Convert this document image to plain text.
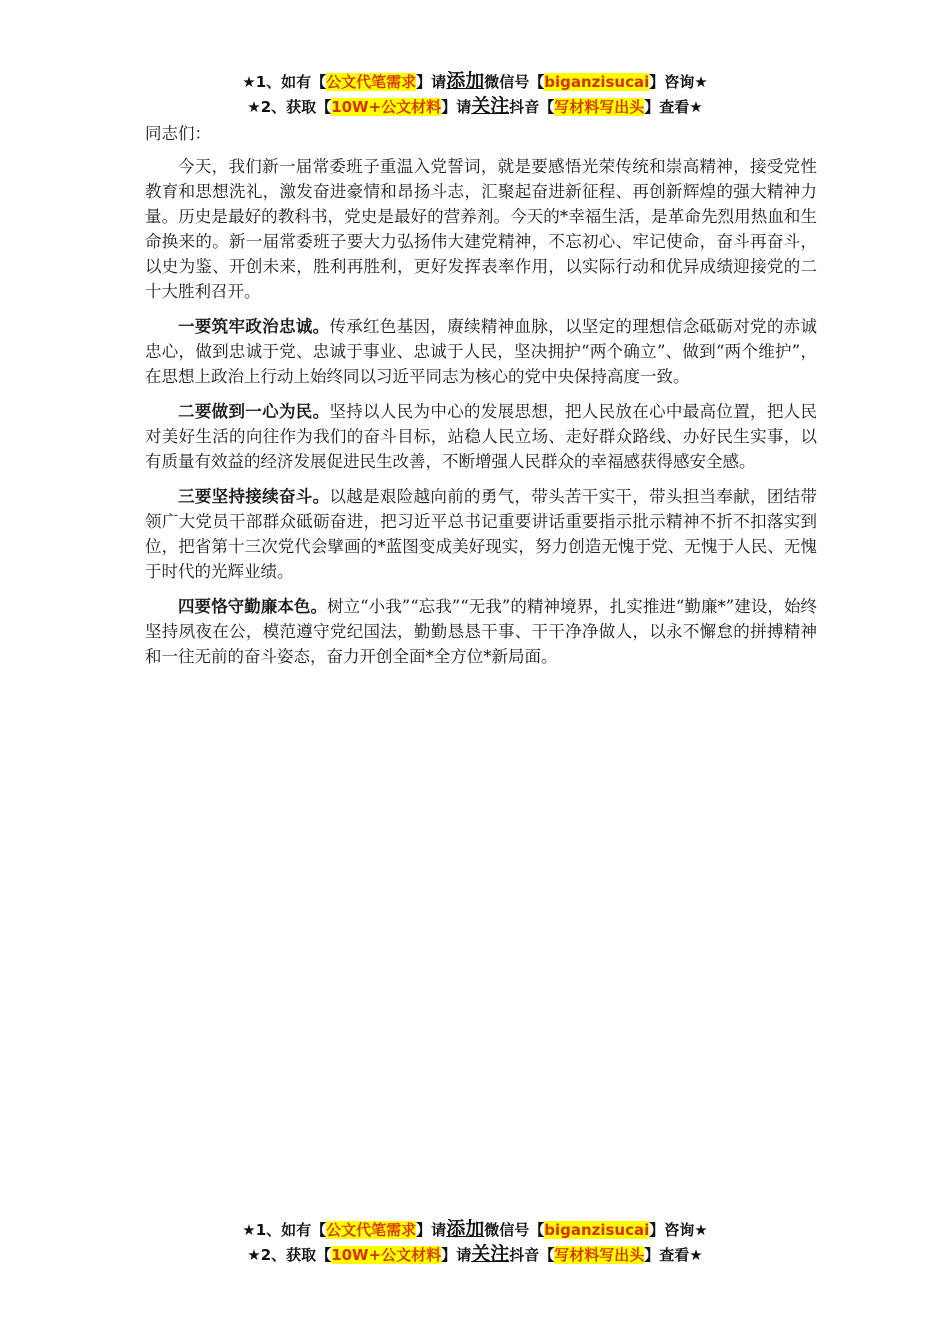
★1、如有【公文代笔需求】请添加微信号【biganzisucai】咨询★
★2、获取【10W+公文材料】请关注抖音【写材料写出头】查看★

同志们：

今天，我们新一届常委班子重温入党誓词，就是要感悟光荣传统和崇高精神，接受党性教育和思想洗礼，激发奋进豪情和昂扬斗志，汇聚起奋进新征程、再创新辉煌的强大精神力量。历史是最好的教科书，党史是最好的营养剂。今天的*幸福生活，是革命先烈用热血和生命换来的。新一届常委班子要大力弘扬伟大建党精神，不忘初心、牢记使命，奋斗再奋斗，以史为鉴、开创未来，胜利再胜利，更好发挥表率作用，以实际行动和优异成绩迎接党的二十大胜利召开。

一要筑牢政治忠诚。传承红色基因，赓续精神血脉，以坚定的理想信念砥砺对党的赤诚忠心，做到忠诚于党、忠诚于事业、忠诚于人民，坚决拥护“两个确立”、做到“两个维护”，在思想上政治上行动上始终同以习近平同志为核心的党中央保持高度一致。

二要做到一心为民。坚持以人民为中心的发展思想，把人民放在心中最高位置，把人民对美好生活的向往作为我们的奋斗目标，站稳人民立场、走好群众路线、办好民生实事，以有质量有效益的经济发展促进民生改善，不断增强人民群众的幸福感获得感安全感。

三要坚持接续奋斗。以越是艰险越向前的勇气，带头苦干实干，带头担当奉献，团结带领广大党员干部群众砥砺奋进，把习近平总书记重要讲话重要指示批示精神不折不扣落实到位，把省第十三次党代会擘画的*蓝图变成美好现实，努力创造无愧于党、无愧于人民、无愧于时代的光辉业绩。

四要恪守勤廉本色。树立“小我”“忘我”“无我”的精神境界，扎实推进“勤廉*”建设，始终坚持夙夜在公，模范遵守党纪国法，勤勤恳恳干事、干干净净做人，以永不懈怠的拼搏精神和一往无前的奋斗姿态，奋力开创全面*全方位*新局面。

★1、如有【公文代笔需求】请添加微信号【biganzisucai】咨询★
★2、获取【10W+公文材料】请关注抖音【写材料写出头】查看★
